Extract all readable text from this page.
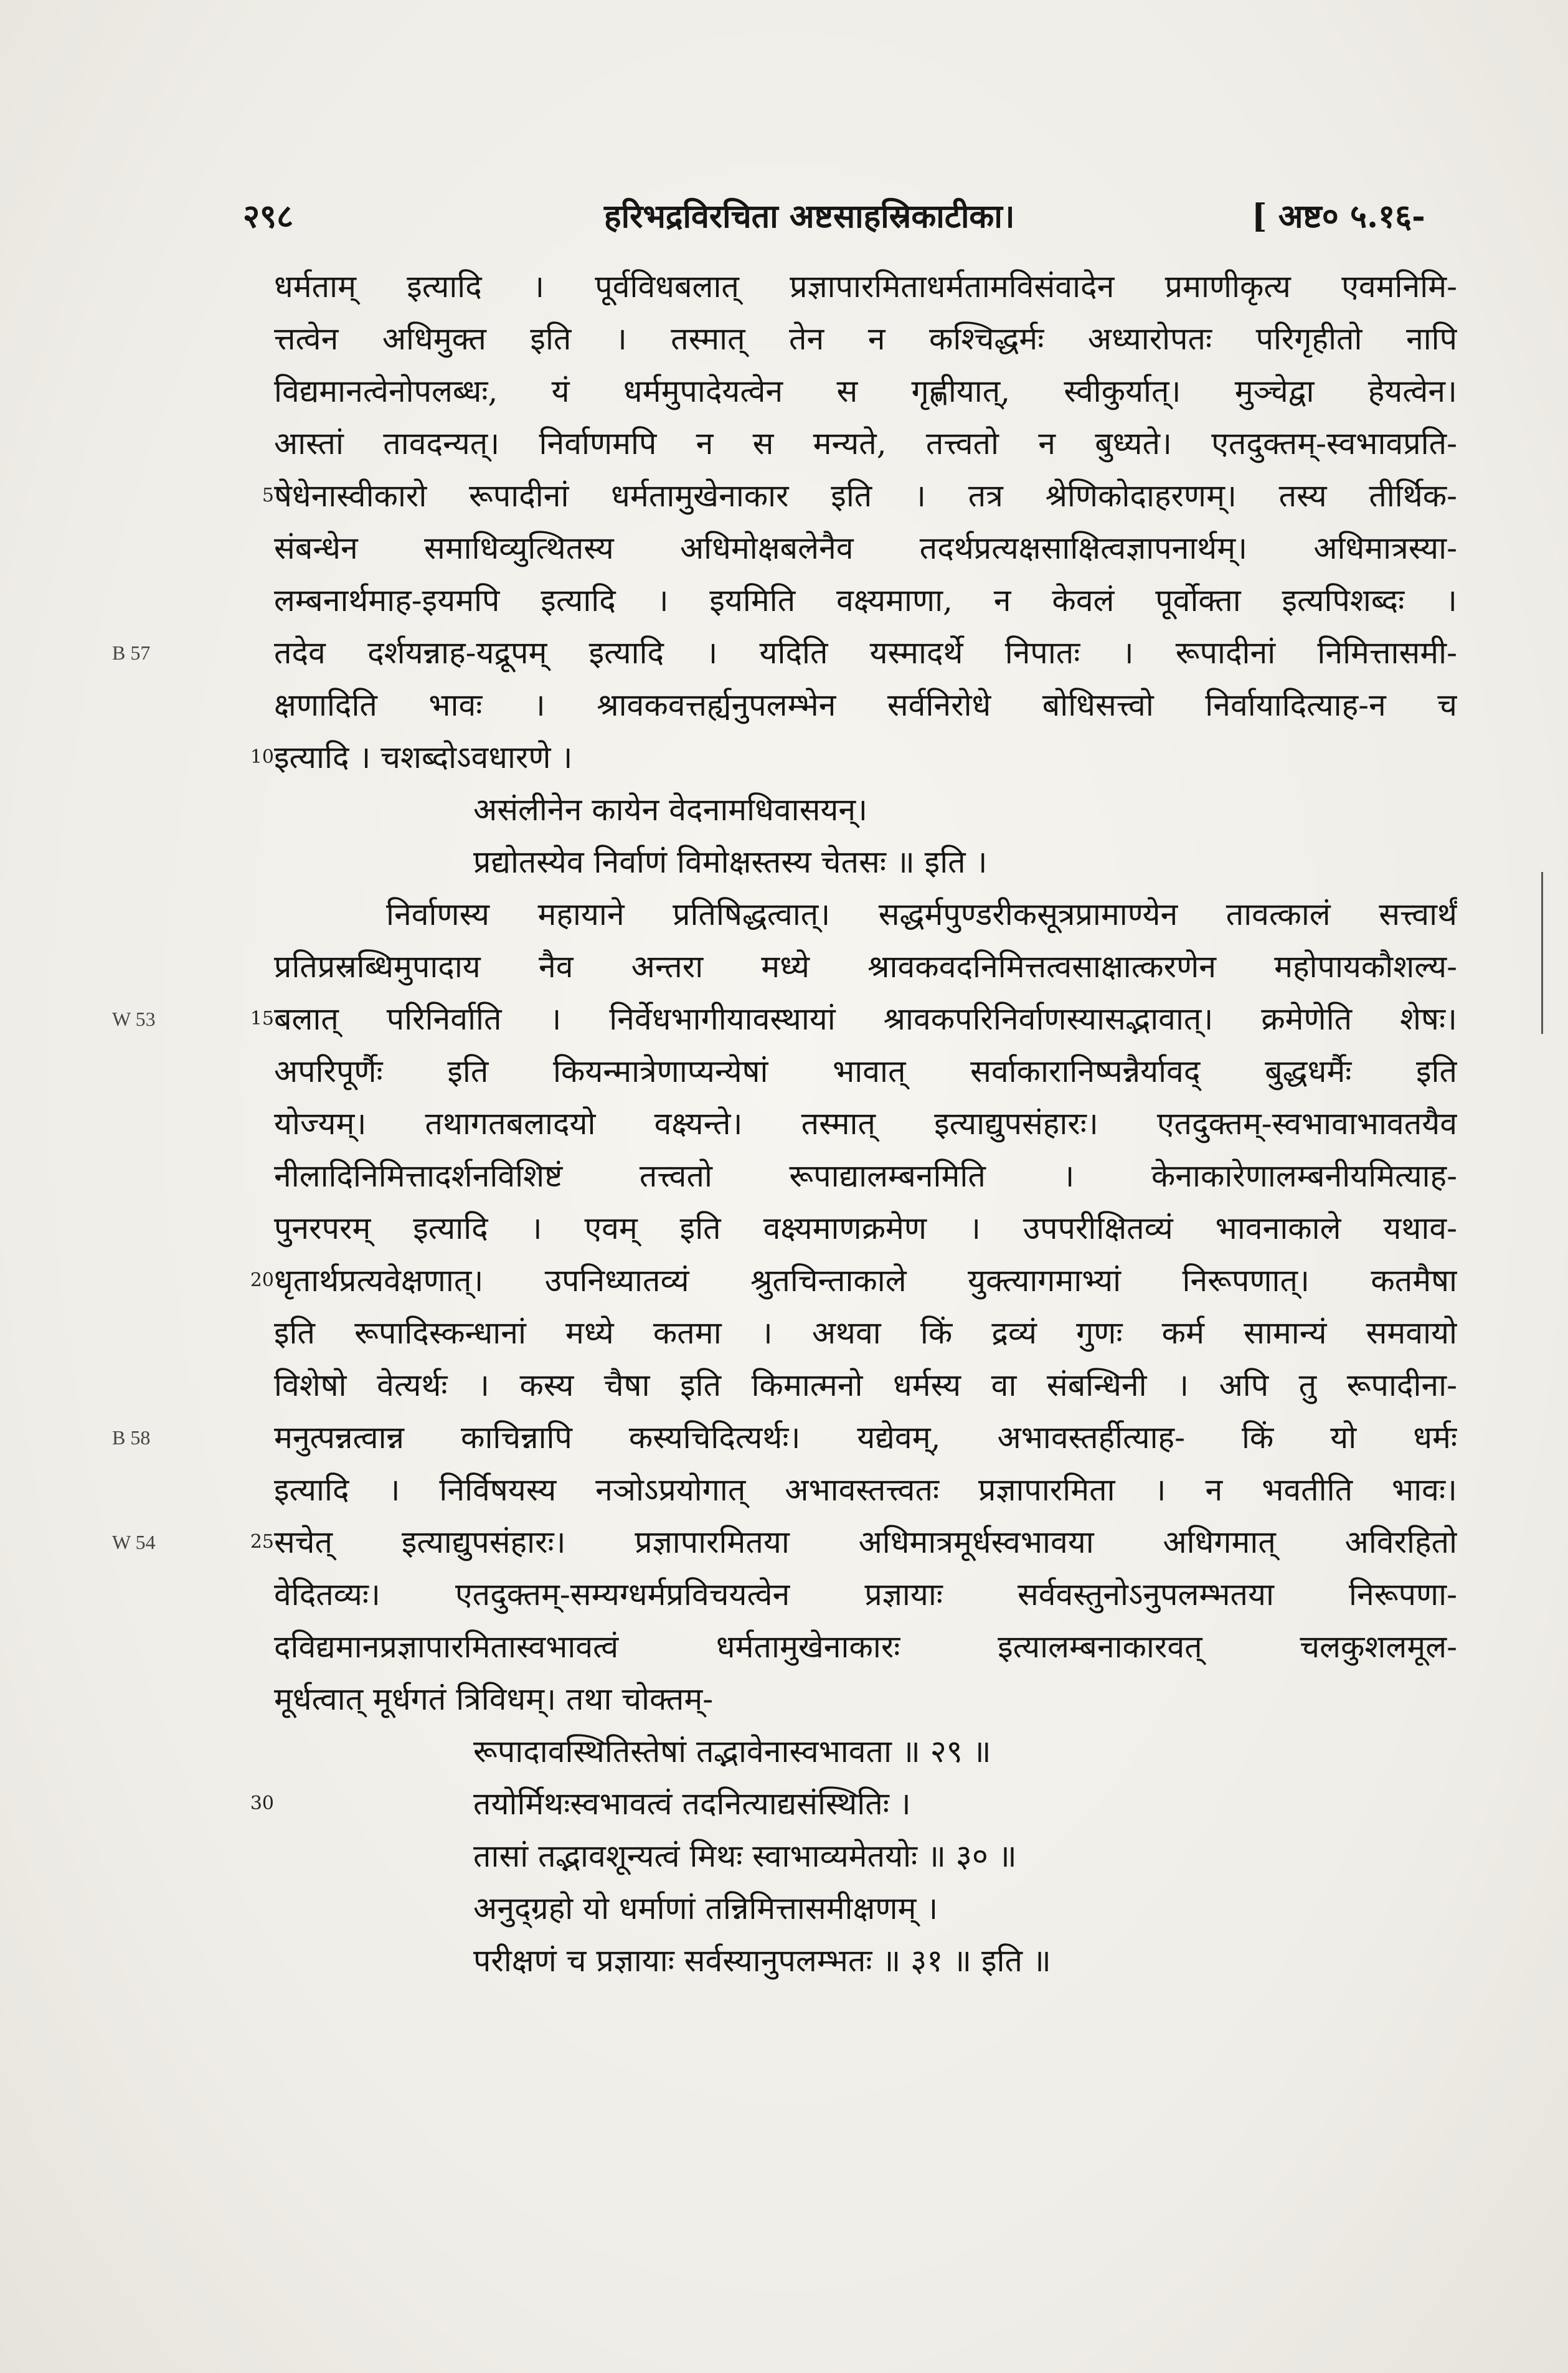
२९८	हरिभद्रविरचिता अष्टसाहस्रिकाटीका।	[ अष्ट० ५.१६-
धर्मताम् इत्यादि । पूर्वविधबलात् प्रज्ञापारमिताधर्मतामविसंवादेन प्रमाणीकृत्य एवमनिमि-
त्तत्वेन अधिमुक्त इति । तस्मात् तेन न कश्चिद्धर्मः अध्यारोपतः परिगृहीतो नापि
विद्यमानत्वेनोपलब्धः, यं धर्ममुपादेयत्वेन स गृह्णीयात्, स्वीकुर्यात्। मुञ्चेद्वा हेयत्वेन।
आस्तां तावदन्यत्। निर्वाणमपि न स मन्यते, तत्त्वतो न बुध्यते। एतदुक्तम्-स्वभावप्रति-
5 षेधेनास्वीकारो रूपादीनां धर्मतामुखेनाकार इति । तत्र श्रेणिकोदाहरणम्। तस्य तीर्थिक-
संबन्धेन समाधिव्युत्थितस्य अधिमोक्षबलेनैव तदर्थप्रत्यक्षसाक्षित्वज्ञापनार्थम्। अधिमात्रस्या-
लम्बनार्थमाह-इयमपि इत्यादि । इयमिति वक्ष्यमाणा, न केवलं पूर्वोक्ता इत्यपिशब्दः ।
B 57	तदेव दर्शयन्नाह-यद्रूपम् इत्यादि । यदिति यस्मादर्थे निपातः । रूपादीनां निमित्तासमी-
क्षणादिति भावः । श्रावकवत्तर्ह्यनुपलम्भेन सर्वनिरोधे बोधिसत्त्वो निर्वायादित्याह-न च
10 इत्यादि । चशब्दोऽवधारणे ।
असंलीनेन कायेन वेदनामधिवासयन्।
प्रद्योतस्येव निर्वाणं विमोक्षस्तस्य चेतसः ॥ इति ।
निर्वाणस्य महायाने प्रतिषिद्धत्वात्। सद्धर्मपुण्डरीकसूत्रप्रामाण्येन तावत्कालं सत्त्वार्थं
प्रतिप्रस्रब्धिमुपादाय नैव अन्तरा मध्ये श्रावकवदनिमित्तत्वसाक्षात्करणेन महोपायकौशल्य-
W 53	15 बलात् परिनिर्वाति । निर्वेधभागीयावस्थायां श्रावकपरिनिर्वाणस्यासद्भावात्। क्रमेणेति शेषः।
अपरिपूर्णैः इति कियन्मात्रेणाप्यन्येषां भावात् सर्वाकारानिष्पन्नैर्यावद् बुद्धधर्मैः इति
योज्यम्। तथागतबलादयो वक्ष्यन्ते। तस्मात् इत्याद्युपसंहारः। एतदुक्तम्-स्वभावाभावतयैव
नीलादिनिमित्तादर्शनविशिष्टं तत्त्वतो रूपाद्यालम्बनमिति । केनाकारेणालम्बनीयमित्याह-
पुनरपरम् इत्यादि । एवम् इति वक्ष्यमाणक्रमेण । उपपरीक्षितव्यं भावनाकाले यथाव-
20 धृतार्थप्रत्यवेक्षणात्। उपनिध्यातव्यं श्रुतचिन्ताकाले युक्त्यागमाभ्यां निरूपणात्। कतमैषा
इति रूपादिस्कन्धानां मध्ये कतमा । अथवा किं द्रव्यं गुणः कर्म सामान्यं समवायो
विशेषो वेत्यर्थः । कस्य चैषा इति किमात्मनो धर्मस्य वा संबन्धिनी । अपि तु रूपादीना-
B 58	मनुत्पन्नत्वान्न काचिन्नापि कस्यचिदित्यर्थः। यद्येवम्, अभावस्तर्हीत्याह- किं यो धर्मः
इत्यादि । निर्विषयस्य नञोऽप्रयोगात् अभावस्तत्त्वतः प्रज्ञापारमिता । न भवतीति भावः।
W 54	25 सचेत् इत्याद्युपसंहारः। प्रज्ञापारमितया अधिमात्रमूर्धस्वभावया अधिगमात् अविरहितो
वेदितव्यः। एतदुक्तम्-सम्यग्धर्मप्रविचयत्वेन प्रज्ञायाः सर्ववस्तुनोऽनुपलम्भतया निरूपणा-
दविद्यमानप्रज्ञापारमितास्वभावत्वं धर्मतामुखेनाकारः इत्यालम्बनाकारवत् चलकुशलमूल-
मूर्धत्वात् मूर्धगतं त्रिविधम्। तथा चोक्तम्-
रूपादावस्थितिस्तेषां तद्भावेनास्वभावता ॥ २९ ॥
30	तयोर्मिथःस्वभावत्वं तदनित्याद्यसंस्थितिः ।
तासां तद्भावशून्यत्वं मिथः स्वाभाव्यमेतयोः ॥ ३० ॥
अनुद्ग्रहो यो धर्माणां तन्निमित्तासमीक्षणम् ।
परीक्षणं च प्रज्ञायाः सर्वस्यानुपलम्भतः ॥ ३१ ॥ इति ॥
